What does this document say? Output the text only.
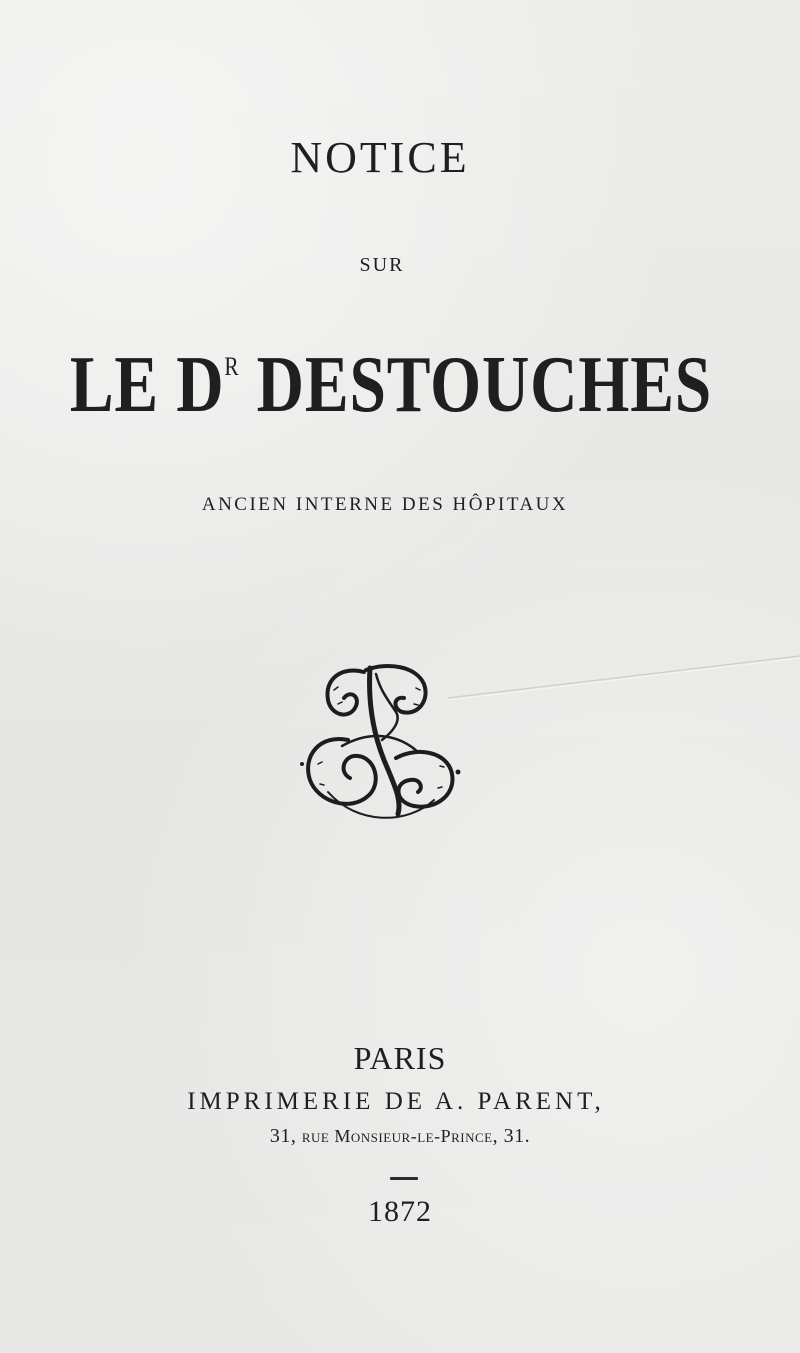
NOTICE
SUR
LE $D^R$ DESTOUCHES
ANCIEN INTERNE DES HÔPITAUX
PARIS
IMPRIMERIE DE A. PARENT,
31, rue Monsieur-le-Prince, 31.
1872
